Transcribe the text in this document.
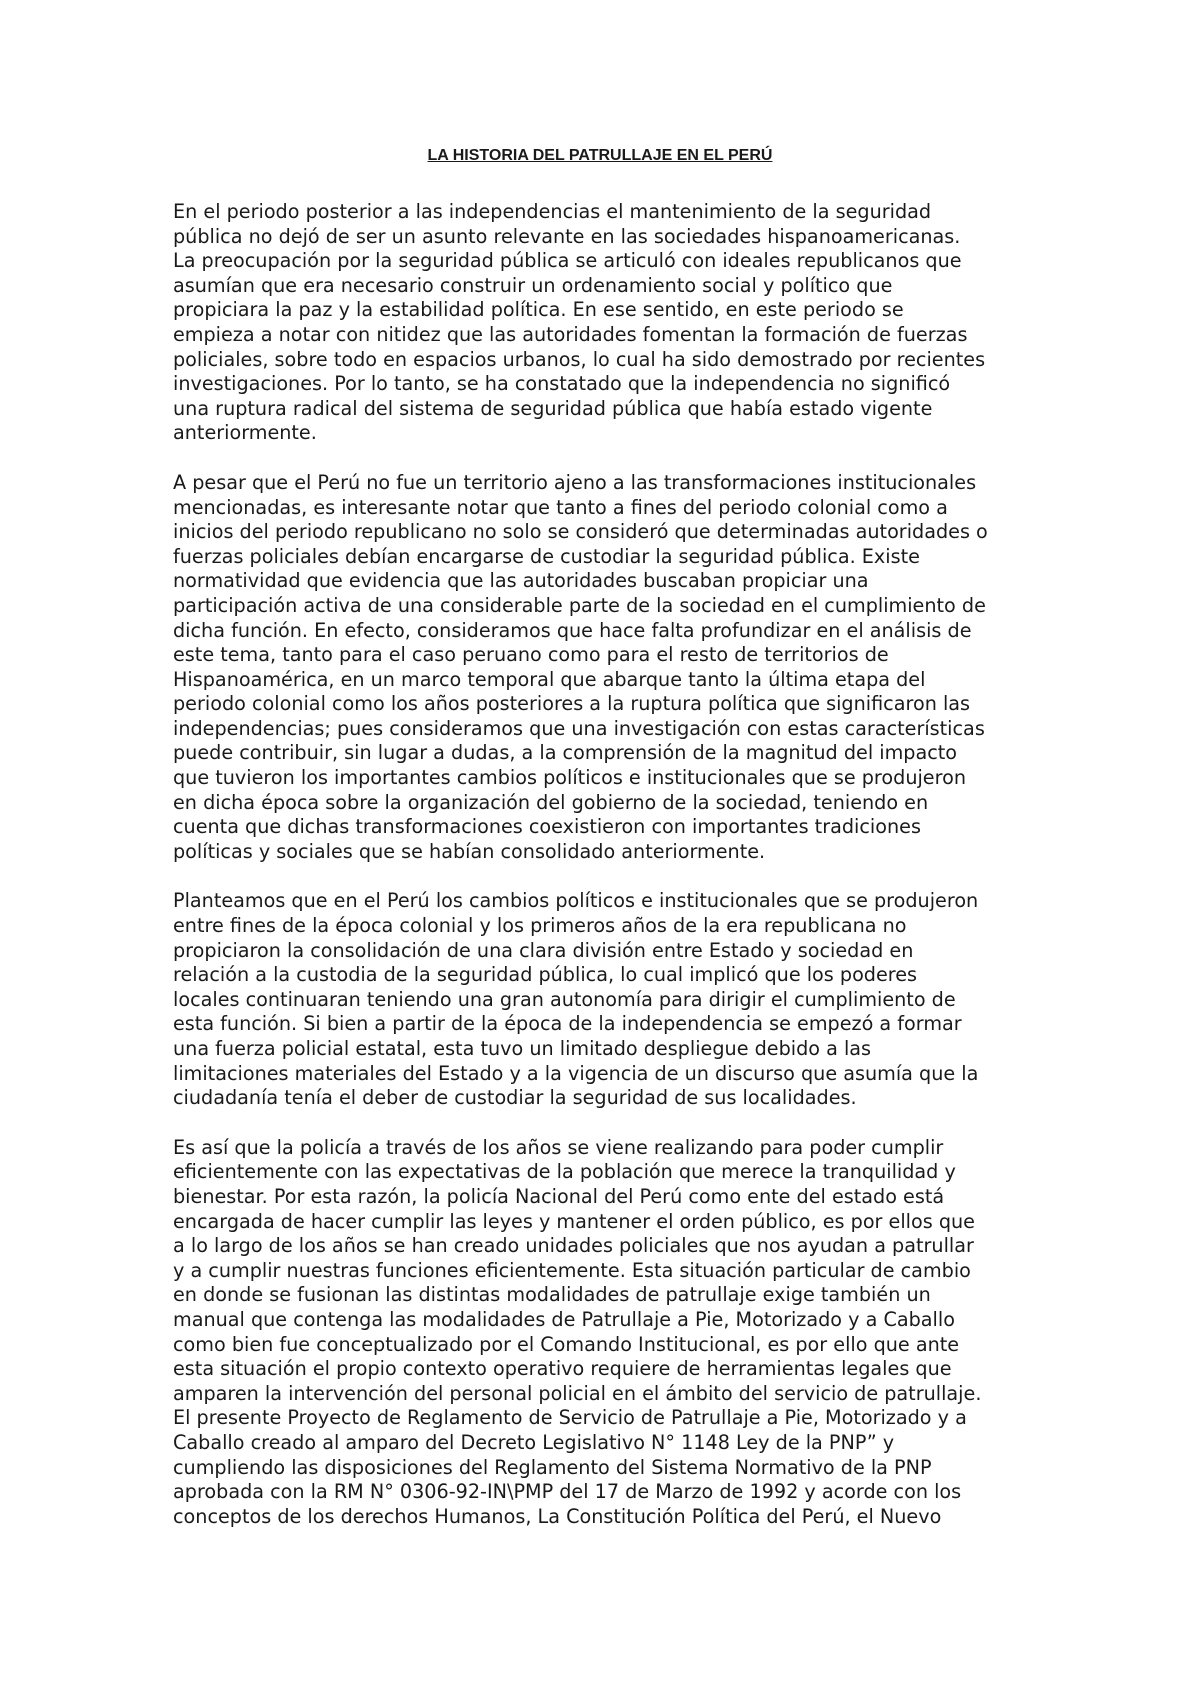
LA HISTORIA DEL PATRULLAJE EN EL PERÚ

En el periodo posterior a las independencias el mantenimiento de la seguridad
pública no dejó de ser un asunto relevante en las sociedades hispanoamericanas.
La preocupación por la seguridad pública se articuló con ideales republicanos que
asumían que era necesario construir un ordenamiento social y político que
propiciara la paz y la estabilidad política. En ese sentido, en este periodo se
empieza a notar con nitidez que las autoridades fomentan la formación de fuerzas
policiales, sobre todo en espacios urbanos, lo cual ha sido demostrado por recientes
investigaciones. Por lo tanto, se ha constatado que la independencia no significó
una ruptura radical del sistema de seguridad pública que había estado vigente
anteriormente.

A pesar que el Perú no fue un territorio ajeno a las transformaciones institucionales
mencionadas, es interesante notar que tanto a fines del periodo colonial como a
inicios del periodo republicano no solo se consideró que determinadas autoridades o
fuerzas policiales debían encargarse de custodiar la seguridad pública. Existe
normatividad que evidencia que las autoridades buscaban propiciar una
participación activa de una considerable parte de la sociedad en el cumplimiento de
dicha función. En efecto, consideramos que hace falta profundizar en el análisis de
este tema, tanto para el caso peruano como para el resto de territorios de
Hispanoamérica, en un marco temporal que abarque tanto la última etapa del
periodo colonial como los años posteriores a la ruptura política que significaron las
independencias; pues consideramos que una investigación con estas características
puede contribuir, sin lugar a dudas, a la comprensión de la magnitud del impacto
que tuvieron los importantes cambios políticos e institucionales que se produjeron
en dicha época sobre la organización del gobierno de la sociedad, teniendo en
cuenta que dichas transformaciones coexistieron con importantes tradiciones
políticas y sociales que se habían consolidado anteriormente.

Planteamos que en el Perú los cambios políticos e institucionales que se produjeron
entre fines de la época colonial y los primeros años de la era republicana no
propiciaron la consolidación de una clara división entre Estado y sociedad en
relación a la custodia de la seguridad pública, lo cual implicó que los poderes
locales continuaran teniendo una gran autonomía para dirigir el cumplimiento de
esta función. Si bien a partir de la época de la independencia se empezó a formar
una fuerza policial estatal, esta tuvo un limitado despliegue debido a las
limitaciones materiales del Estado y a la vigencia de un discurso que asumía que la
ciudadanía tenía el deber de custodiar la seguridad de sus localidades.

Es así que la policía a través de los años se viene realizando para poder cumplir
eficientemente con las expectativas de la población que merece la tranquilidad y
bienestar. Por esta razón, la policía Nacional del Perú como ente del estado está
encargada de hacer cumplir las leyes y mantener el orden público, es por ellos que
a lo largo de los años se han creado unidades policiales que nos ayudan a patrullar
y a cumplir nuestras funciones eficientemente. Esta situación particular de cambio
en donde se fusionan las distintas modalidades de patrullaje exige también un
manual que contenga las modalidades de Patrullaje a Pie, Motorizado y a Caballo
como bien fue conceptualizado por el Comando Institucional, es por ello que ante
esta situación el propio contexto operativo requiere de herramientas legales que
amparen la intervención del personal policial en el ámbito del servicio de patrullaje.
El presente Proyecto de Reglamento de Servicio de Patrullaje a Pie, Motorizado y a
Caballo creado al amparo del Decreto Legislativo N° 1148 Ley de la PNP” y
cumpliendo las disposiciones del Reglamento del Sistema Normativo de la PNP
aprobada con la RM N° 0306-92-IN\PMP del 17 de Marzo de 1992 y acorde con los
conceptos de los derechos Humanos, La Constitución Política del Perú, el Nuevo
